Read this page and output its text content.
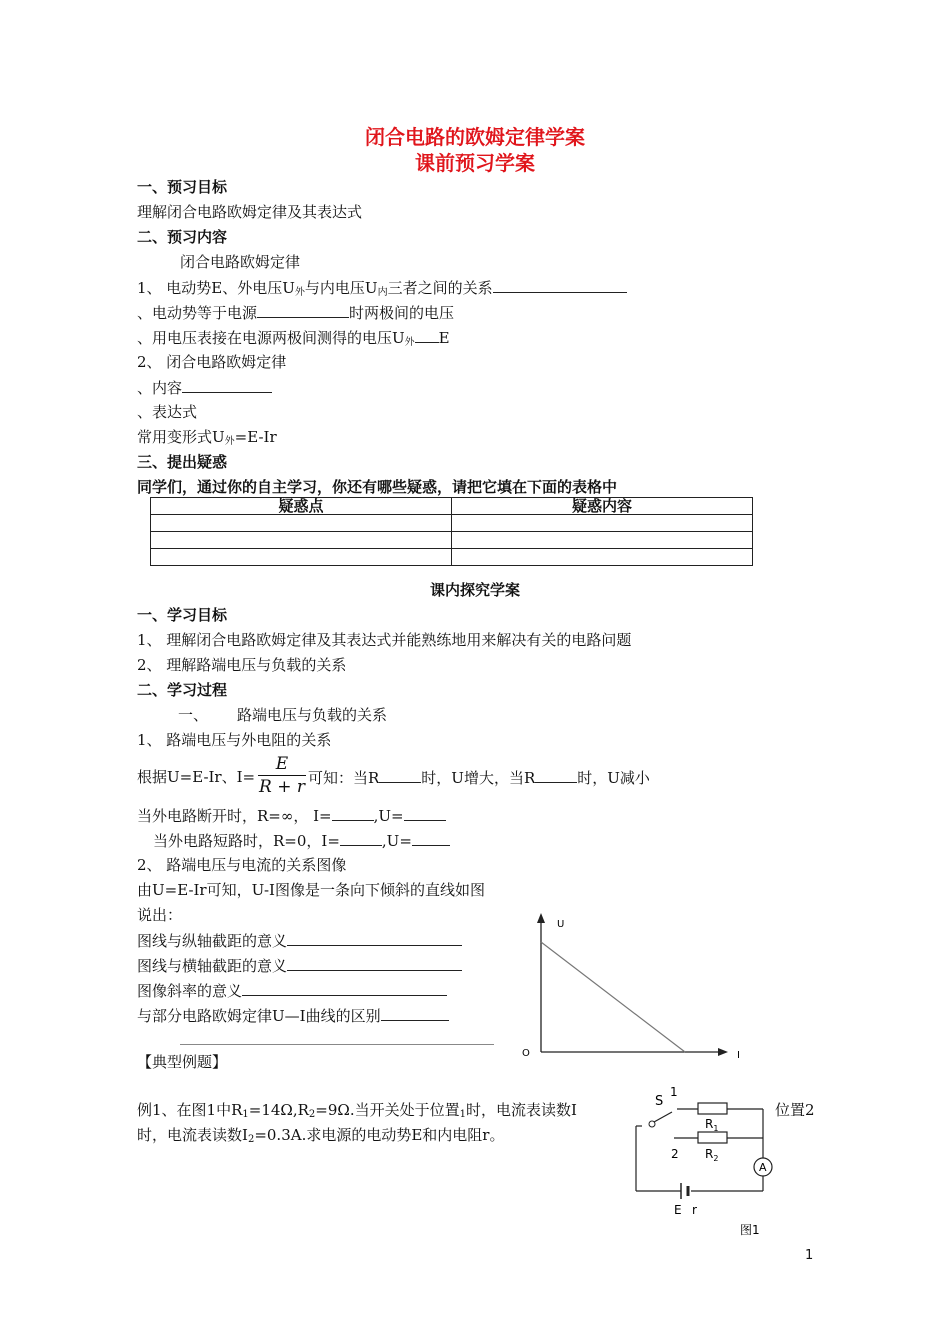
闭合电路的欧姆定律学案
课前预习学案
一、预习目标
理解闭合电路欧姆定律及其表达式
二、预习内容
闭合电路欧姆定律
1、 电动势E、外电压$U_外$与内电压$U_内$三者之间的关系
、电动势等于电源	时两极间的电压
、用电压表接在电源两极间测得的电压$U_外$ E
2、 闭合电路欧姆定律
、内容
、表达式
常用变形式$U_外=E-Ir$
三、提出疑惑
同学们，通过你的自主学习，你还有哪些疑惑，请把它填在下面的表格中
疑惑点	疑惑内容

课内探究学案
一、学习目标
1、 理解闭合电路欧姆定律及其表达式并能熟练地用来解决有关的电路问题
2、 理解路端电压与负载的关系
二、学习过程
一、 路端电压与负载的关系
1、 路端电压与外电阻的关系
根据U=E-Ir、I=
E
R + r 可知：当R	时，U增大，当R	时，U减小
当外电路断开时，R=∞， I=	,U=
当外电路短路时，R=0，I=	,U=
2、 路端电压与电流的关系图像
由U=E-Ir可知，U-I图像是一条向下倾斜的直线如图
说出：
图线与纵轴截距的意义
图线与横轴截距的意义
图像斜率的意义
与部分电路欧姆定律U—I曲线的区别
U
I
O
【典型例题】
例1、在图1中$R_1=14\Omega,R_2=9\Omega$.当开关处于位置$_1$时，电流表读数I	位置2
时，电流表读数$I_2=0.3A$.求电源的电动势E和内电阻r。
A
S
1
2
$R_1$
$R_2$
E r
图1
1
